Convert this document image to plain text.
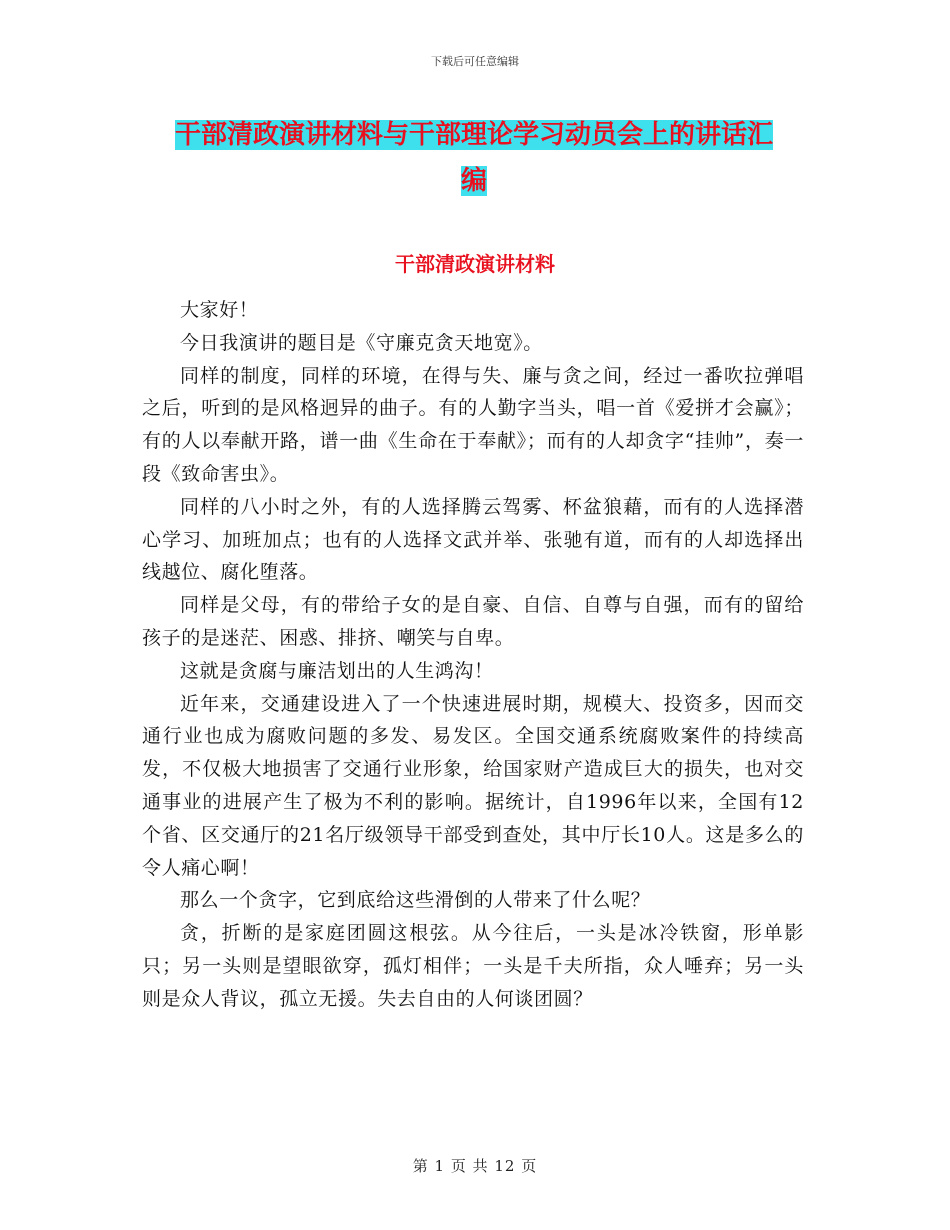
下载后可任意编辑
干部清政演讲材料与干部理论学习动员会上的讲话汇
编
干部清政演讲材料

大家好！

今日我演讲的题目是《守廉克贪天地宽》。

同样的制度，同样的环境，在得与失、廉与贪之间，经过一番吹拉弹唱之后，听到的是风格迥异的曲子。有的人勤字当头，唱一首《爱拼才会赢》；有的人以奉献开路，谱一曲《生命在于奉献》；而有的人却贪字“挂帅”，奏一段《致命害虫》。

同样的八小时之外，有的人选择腾云驾雾、杯盆狼藉，而有的人选择潜心学习、加班加点；也有的人选择文武并举、张驰有道，而有的人却选择出线越位、腐化堕落。

同样是父母，有的带给子女的是自豪、自信、自尊与自强，而有的留给孩子的是迷茫、困惑、排挤、嘲笑与自卑。

这就是贪腐与廉洁划出的人生鸿沟！

近年来，交通建设进入了一个快速进展时期，规模大、投资多，因而交通行业也成为腐败问题的多发、易发区。全国交通系统腐败案件的持续高发，不仅极大地损害了交通行业形象，给国家财产造成巨大的损失，也对交通事业的进展产生了极为不利的影响。据统计，自1996年以来，全国有12个省、区交通厅的21名厅级领导干部受到查处，其中厅长10人。这是多么的令人痛心啊！

那么一个贪字，它到底给这些滑倒的人带来了什么呢？

贪，折断的是家庭团圆这根弦。从今往后，一头是冰冷铁窗，形单影只；另一头则是望眼欲穿，孤灯相伴；一头是千夫所指，众人唾弃；另一头则是众人背议，孤立无援。失去自由的人何谈团圆？

第 1 页 共 12 页
